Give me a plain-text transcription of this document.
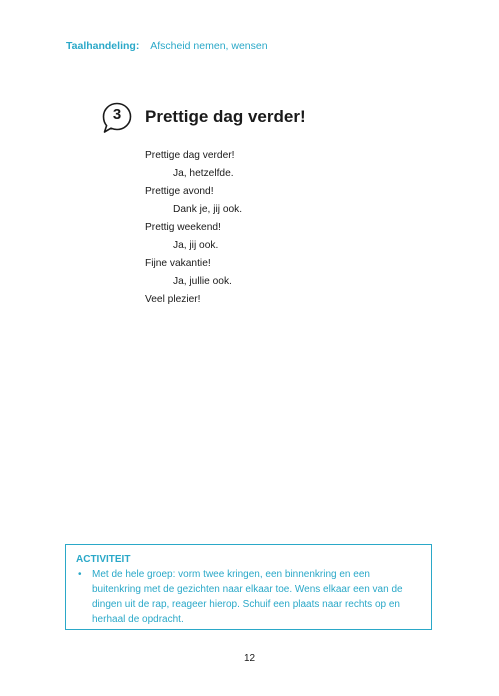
Taalhandeling: Afscheid nemen, wensen
3	Prettige dag verder!
Prettige dag verder!
Ja, hetzelfde.
Prettige avond!
Dank je, jij ook.
Prettig weekend!
Ja, jij ook.
Fijne vakantie!
Ja, jullie ook.
Veel plezier!
ACTIVITEIT
• Met de hele groep: vorm twee kringen, een binnenkring en een buitenkring met de gezichten naar elkaar toe. Wens elkaar een van de dingen uit de rap, reageer hierop. Schuif een plaats naar rechts op en herhaal de opdracht.
12
